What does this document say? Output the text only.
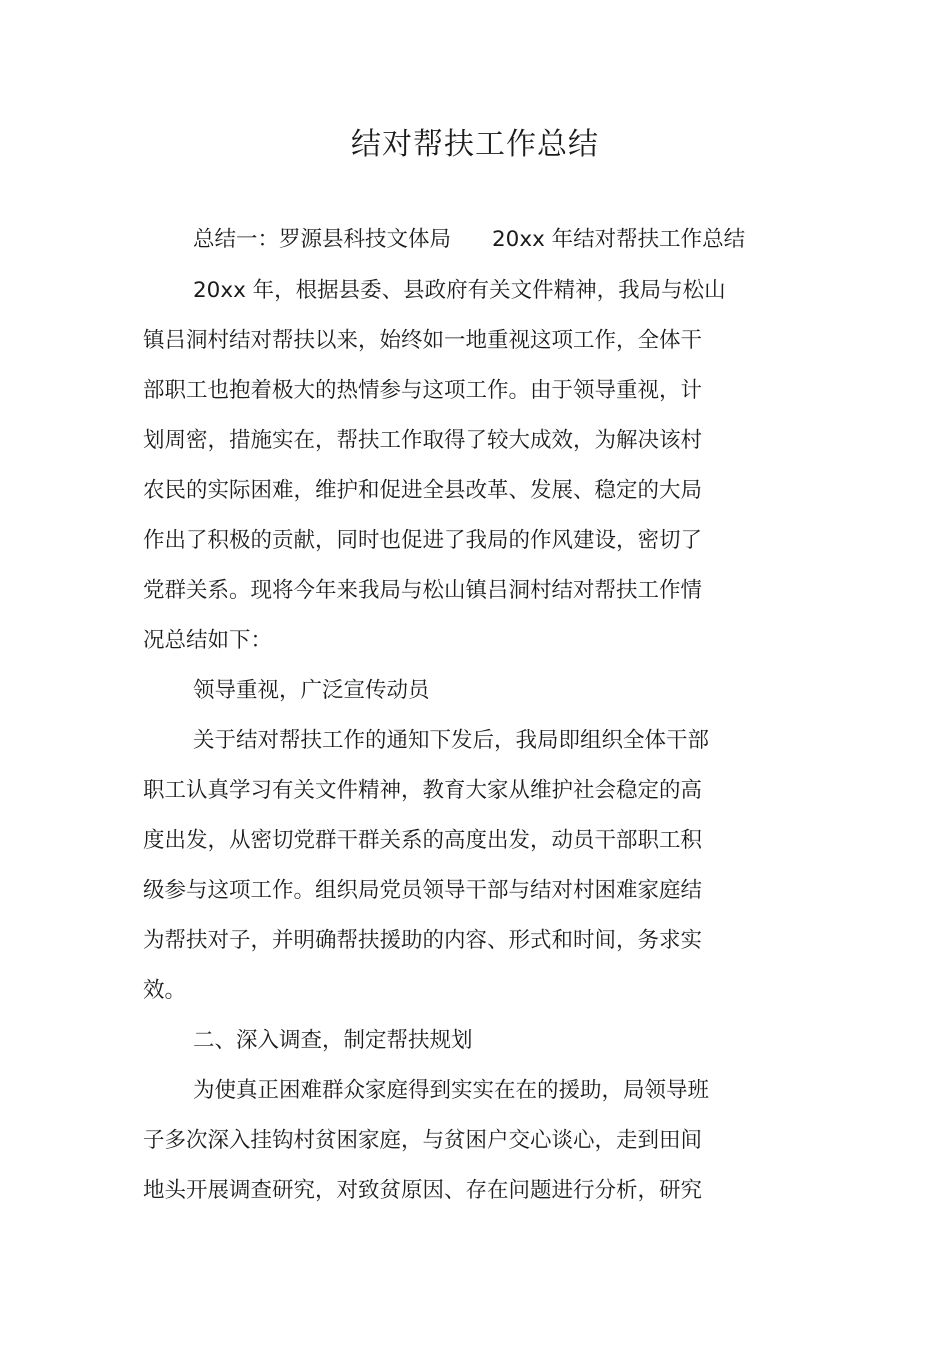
结对帮扶工作总结
总结一：罗源县科技文体局      20xx 年结对帮扶工作总结
20xx 年，根据县委、县政府有关文件精神，我局与松山
镇吕洞村结对帮扶以来，始终如一地重视这项工作，全体干
部职工也抱着极大的热情参与这项工作。由于领导重视，计
划周密，措施实在，帮扶工作取得了较大成效，为解决该村
农民的实际困难，维护和促进全县改革、发展、稳定的大局
作出了积极的贡献，同时也促进了我局的作风建设，密切了
党群关系。现将今年来我局与松山镇吕洞村结对帮扶工作情
况总结如下：
领导重视，广泛宣传动员
关于结对帮扶工作的通知下发后，我局即组织全体干部
职工认真学习有关文件精神，教育大家从维护社会稳定的高
度出发，从密切党群干群关系的高度出发，动员干部职工积
级参与这项工作。组织局党员领导干部与结对村困难家庭结
为帮扶对子，并明确帮扶援助的内容、形式和时间，务求实
效。
二、深入调查，制定帮扶规划
为使真正困难群众家庭得到实实在在的援助，局领导班
子多次深入挂钩村贫困家庭，与贫困户交心谈心，走到田间
地头开展调查研究，对致贫原因、存在问题进行分析，研究
